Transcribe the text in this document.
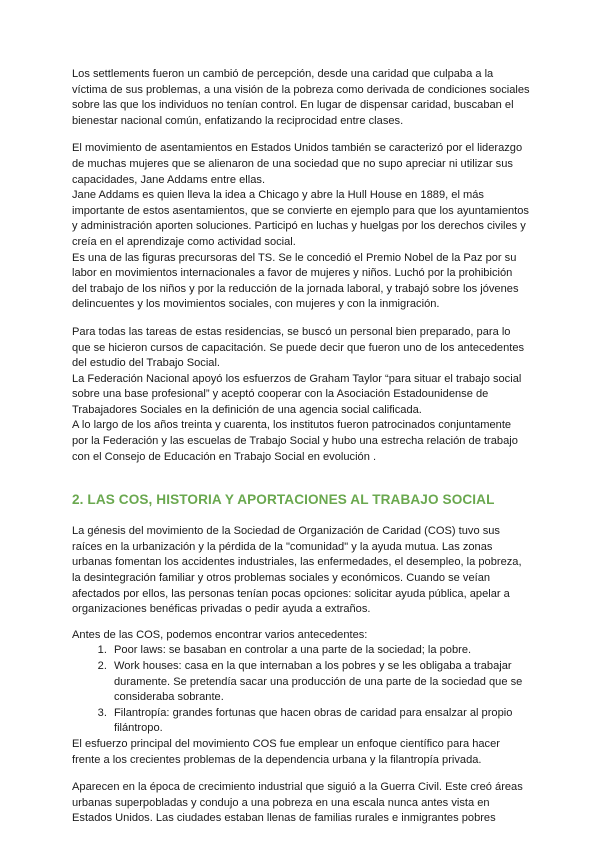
Los settlements fueron un cambió de percepción, desde una caridad que culpaba a la víctima de sus problemas, a una visión de la pobreza como derivada de condiciones sociales sobre las que los individuos no tenían control. En lugar de dispensar caridad, buscaban el bienestar nacional común, enfatizando la reciprocidad entre clases.

El movimiento de asentamientos en Estados Unidos también se caracterizó por el liderazgo de muchas mujeres que se alienaron de una sociedad que no supo apreciar ni utilizar sus capacidades, Jane Addams entre ellas.

Jane Addams es quien lleva la idea a Chicago y abre la Hull House en 1889, el más importante de estos asentamientos, que se convierte en ejemplo para que los ayuntamientos y administración aporten soluciones. Participó en luchas y huelgas por los derechos civiles y creía en el aprendizaje como actividad social.

Es una de las figuras precursoras del TS. Se le concedió el Premio Nobel de la Paz por su labor en movimientos internacionales a favor de mujeres y niños. Luchó por la prohibición del trabajo de los niños y por la reducción de la jornada laboral, y trabajó sobre los jóvenes delincuentes y los movimientos sociales, con mujeres y con la inmigración.

Para todas las tareas de estas residencias, se buscó un personal bien preparado, para lo que se hicieron cursos de capacitación. Se puede decir que fueron uno de los antecedentes del estudio del Trabajo Social.

La Federación Nacional apoyó los esfuerzos de Graham Taylor “para situar el trabajo social sobre una base profesional” y aceptó cooperar con la Asociación Estadounidense de Trabajadores Sociales en la definición de una agencia social calificada.

A lo largo de los años treinta y cuarenta, los institutos fueron patrocinados conjuntamente por la Federación y las escuelas de Trabajo Social y hubo una estrecha relación de trabajo con el Consejo de Educación en Trabajo Social en evolución .

2. LAS COS, HISTORIA Y APORTACIONES AL TRABAJO SOCIAL

La génesis del movimiento de la Sociedad de Organización de Caridad (COS) tuvo sus raíces en la urbanización y la pérdida de la "comunidad" y la ayuda mutua. Las zonas urbanas fomentan los accidentes industriales, las enfermedades, el desempleo, la pobreza, la desintegración familiar y otros problemas sociales y económicos. Cuando se veían afectados por ellos, las personas tenían pocas opciones: solicitar ayuda pública, apelar a organizaciones benéficas privadas o pedir ayuda a extraños.

Antes de las COS, podemos encontrar varios antecedentes:

1. Poor laws: se basaban en controlar a una parte de la sociedad; la pobre.
2. Work houses: casa en la que internaban a los pobres y se les obligaba a trabajar duramente. Se pretendía sacar una producción de una parte de la sociedad que se consideraba sobrante.
3. Filantropía: grandes fortunas que hacen obras de caridad para ensalzar al propio filántropo.

El esfuerzo principal del movimiento COS fue emplear un enfoque científico para hacer frente a los crecientes problemas de la dependencia urbana y la filantropía privada.

Aparecen en la época de crecimiento industrial que siguió a la Guerra Civil. Este creó áreas urbanas superpobladas y condujo a una pobreza en una escala nunca antes vista en Estados Unidos. Las ciudades estaban llenas de familias rurales e inmigrantes pobres
